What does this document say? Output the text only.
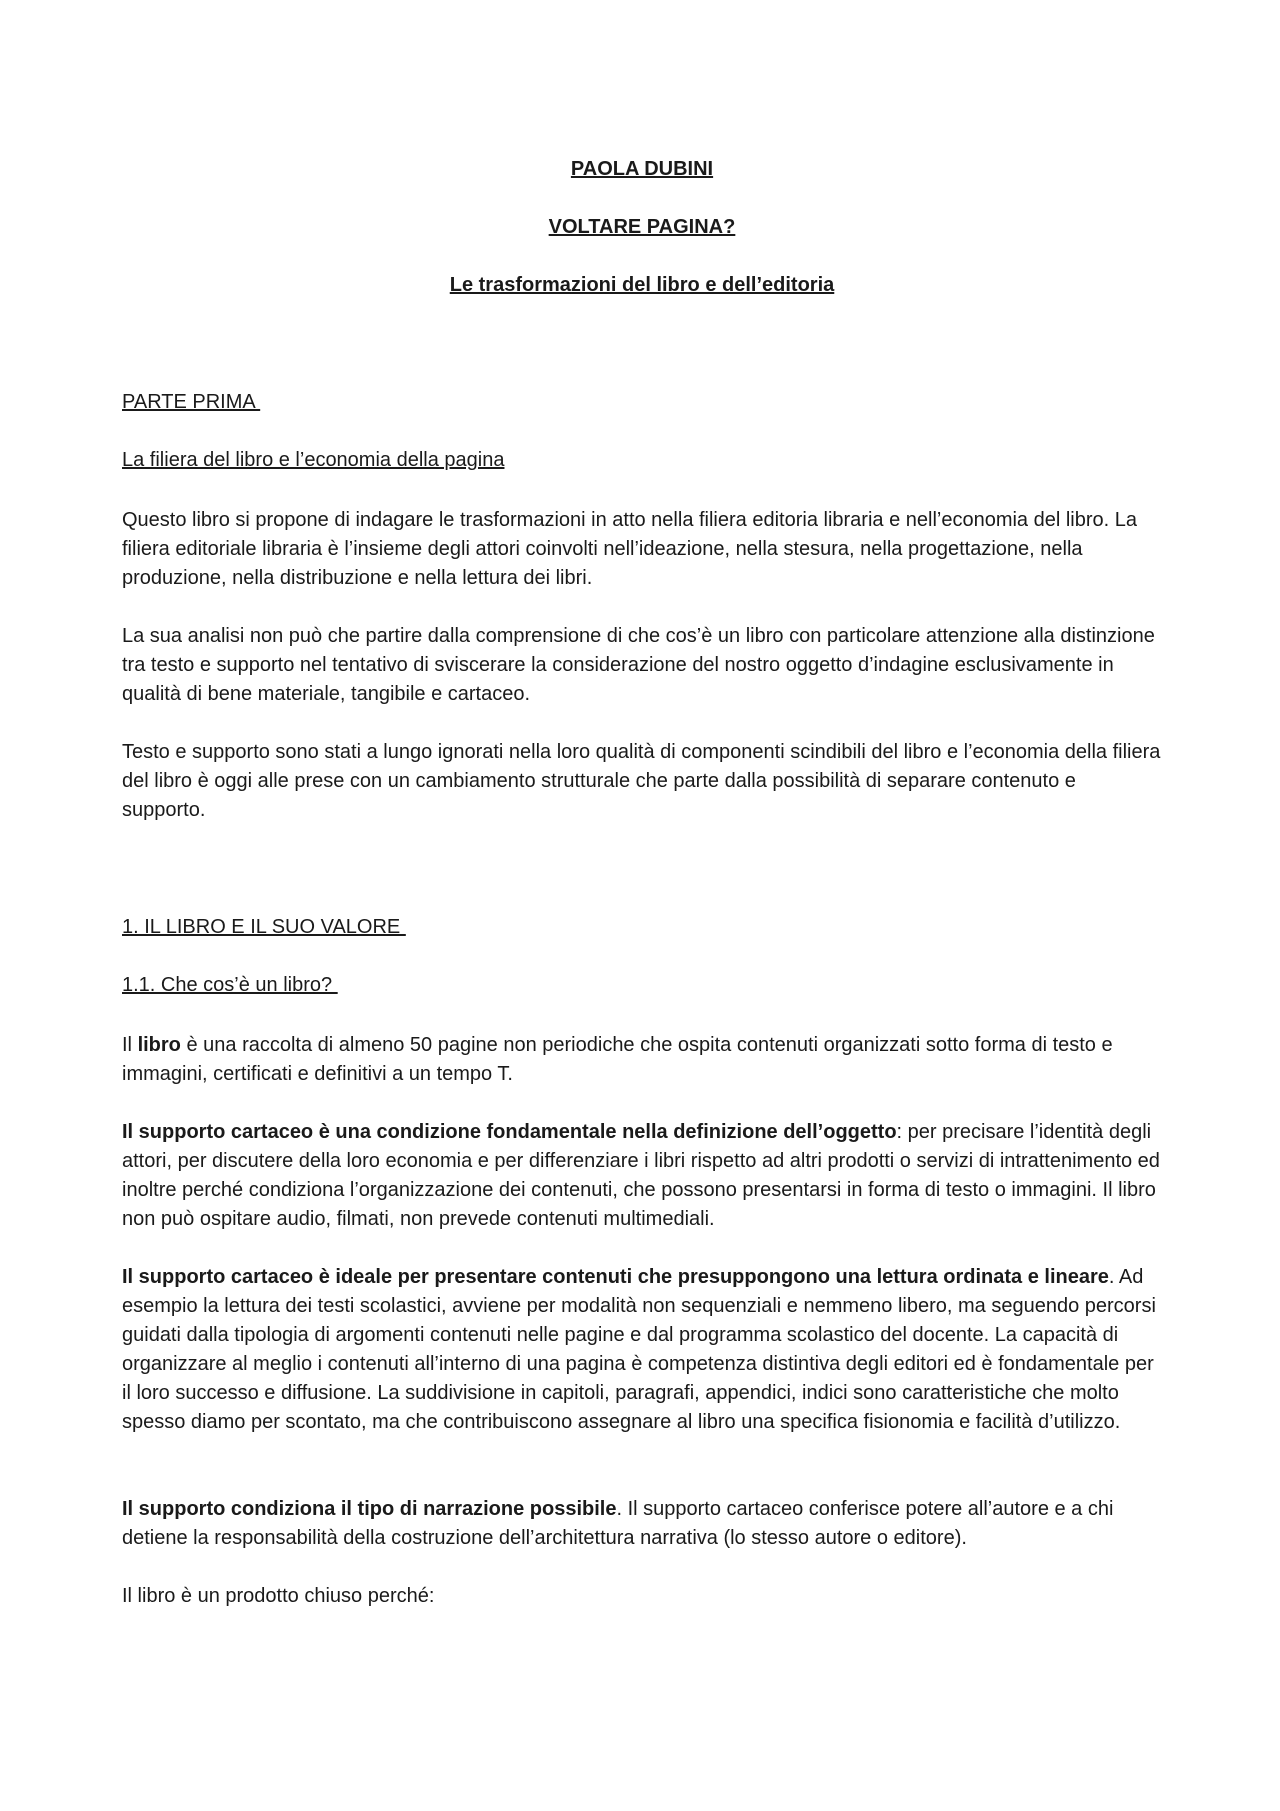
PAOLA DUBINI
VOLTARE PAGINA?
Le trasformazioni del libro e dell’editoria
PARTE PRIMA
La filiera del libro e l’economia della pagina

Questo libro si propone di indagare le trasformazioni in atto nella filiera editoria libraria e nell’economia del libro. La filiera editoriale libraria è l’insieme degli attori coinvolti nell’ideazione, nella stesura, nella progettazione, nella produzione, nella distribuzione e nella lettura dei libri.

La sua analisi non può che partire dalla comprensione di che cos’è un libro con particolare attenzione alla distinzione tra testo e supporto nel tentativo di sviscerare la considerazione del nostro oggetto d’indagine esclusivamente in qualità di bene materiale, tangibile e cartaceo.

Testo e supporto sono stati a lungo ignorati nella loro qualità di componenti scindibili del libro e l’economia della filiera del libro è oggi alle prese con un cambiamento strutturale che parte dalla possibilità di separare contenuto e supporto.

1. IL LIBRO E IL SUO VALORE
1.1. Che cos’è un libro?

Il libro è una raccolta di almeno 50 pagine non periodiche che ospita contenuti organizzati sotto forma di testo e immagini, certificati e definitivi a un tempo T.

Il supporto cartaceo è una condizione fondamentale nella definizione dell’oggetto: per precisare l’identità degli attori, per discutere della loro economia e per differenziare i libri rispetto ad altri prodotti o servizi di intrattenimento ed inoltre perché condiziona l’organizzazione dei contenuti, che possono presentarsi in forma di testo o immagini. Il libro non può ospitare audio, filmati, non prevede contenuti multimediali.

Il supporto cartaceo è ideale per presentare contenuti che presuppongono una lettura ordinata e lineare. Ad esempio la lettura dei testi scolastici, avviene per modalità non sequenziali e nemmeno libero, ma seguendo percorsi guidati dalla tipologia di argomenti contenuti nelle pagine e dal programma scolastico del docente. La capacità di organizzare al meglio i contenuti all’interno di una pagina è competenza distintiva degli editori ed è fondamentale per il loro successo e diffusione. La suddivisione in capitoli, paragrafi, appendici, indici sono caratteristiche che molto spesso diamo per scontato, ma che contribuiscono assegnare al libro una specifica fisionomia e facilità d’utilizzo.

Il supporto condiziona il tipo di narrazione possibile. Il supporto cartaceo conferisce potere all’autore e a chi detiene la responsabilità della costruzione dell’architettura narrativa (lo stesso autore o editore).

Il libro è un prodotto chiuso perché:
